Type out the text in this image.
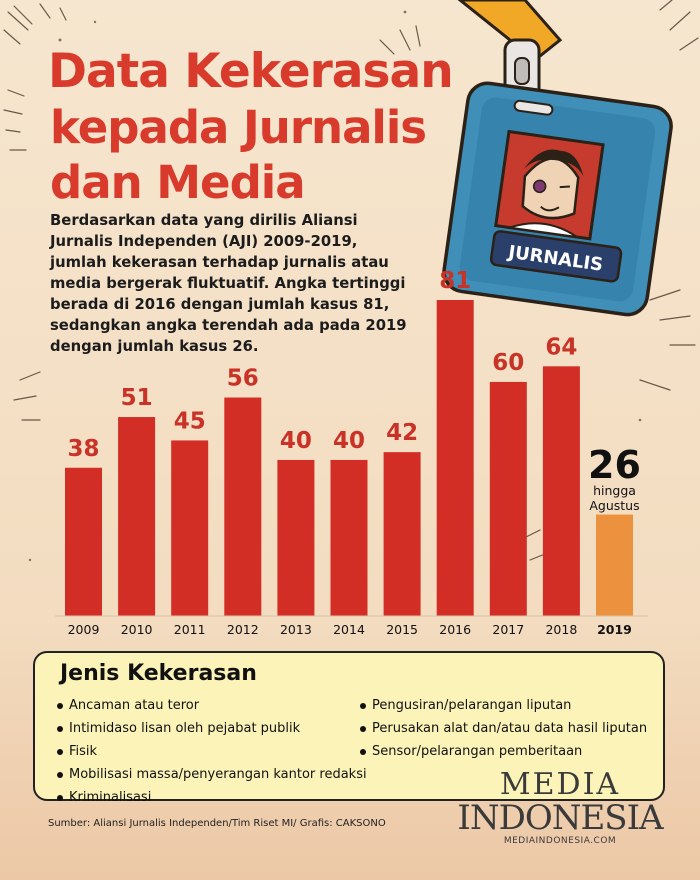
Data Kekerasan
kepada Jurnalis
dan Media

Berdasarkan data yang dirilis Aliansi Jurnalis Independen (AJI) 2009-2019, jumlah kekerasan terhadap jurnalis atau media bergerak fluktuatif. Angka tertinggi berada di 2016 dengan jumlah kasus 81, sedangkan angka terendah ada pada 2019 dengan jumlah kasus 26.

JURNALIS
38
51
45
56
40 40 42
81
60
64
26
hingga
Agustus
2009 2010 2011 2012 2013 2014 2015 2016 2017 2018 2019
Jenis Kekerasan
Ancaman atau teror
Intimidaso lisan oleh pejabat publik
Fisik
Mobilisasi massa/penyerangan kantor redaksi
Kriminalisasi
Pengusiran/pelarangan liputan
Perusakan alat dan/atau data hasil liputan
Sensor/pelarangan pemberitaan

Sumber: Aliansi Jurnalis Independen/Tim Riset MI/ Grafis: CAKSONO

MEDIA
INDONESIA
MEDIAINDONESIA.COM
